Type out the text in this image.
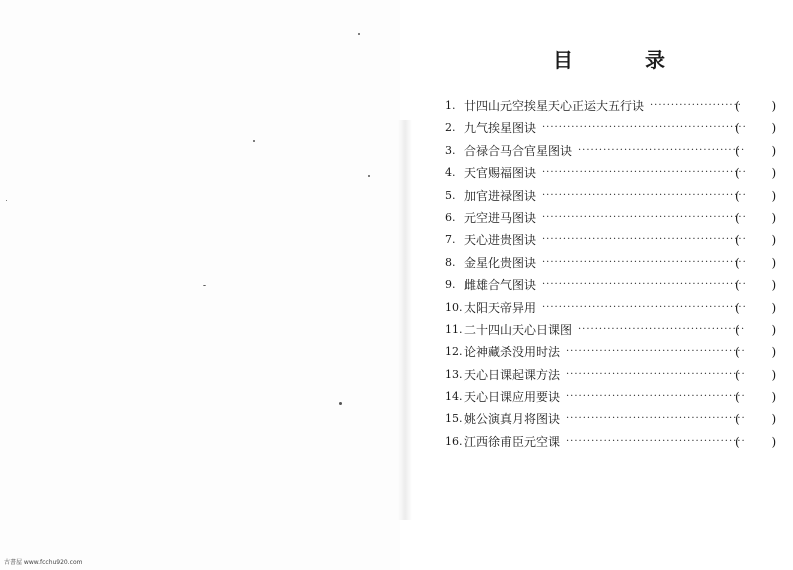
目　录
1. 廿四山元空挨星天心正运大五行诀 ······················
( )
2. 九气挨星图诀 ·················································
( )
3. 合禄合马合官星图诀 ········································
( )
4. 天官赐福图诀 ·················································
( )
5. 加官进禄图诀 ·················································
( )
6. 元空进马图诀 ·················································
( )
7. 天心进贵图诀 ·················································
( )
8. 金星化贵图诀 ·················································
( )
9. 雌雄合气图诀 ·················································
( )
10. 太阳天帝异用 ·················································
( )
11. 二十四山天心日课图 ········································
( )
12. 论神藏杀没用时法 ···········································
( )
13. 天心日课起课方法 ···········································
( )
14. 天心日课应用要诀 ···········································
( )
15. 姚公演真月将图诀 ···········································
( )
16. 江西徐甫臣元空课 ···········································
( )
古書屋 www.fcchu920.com
